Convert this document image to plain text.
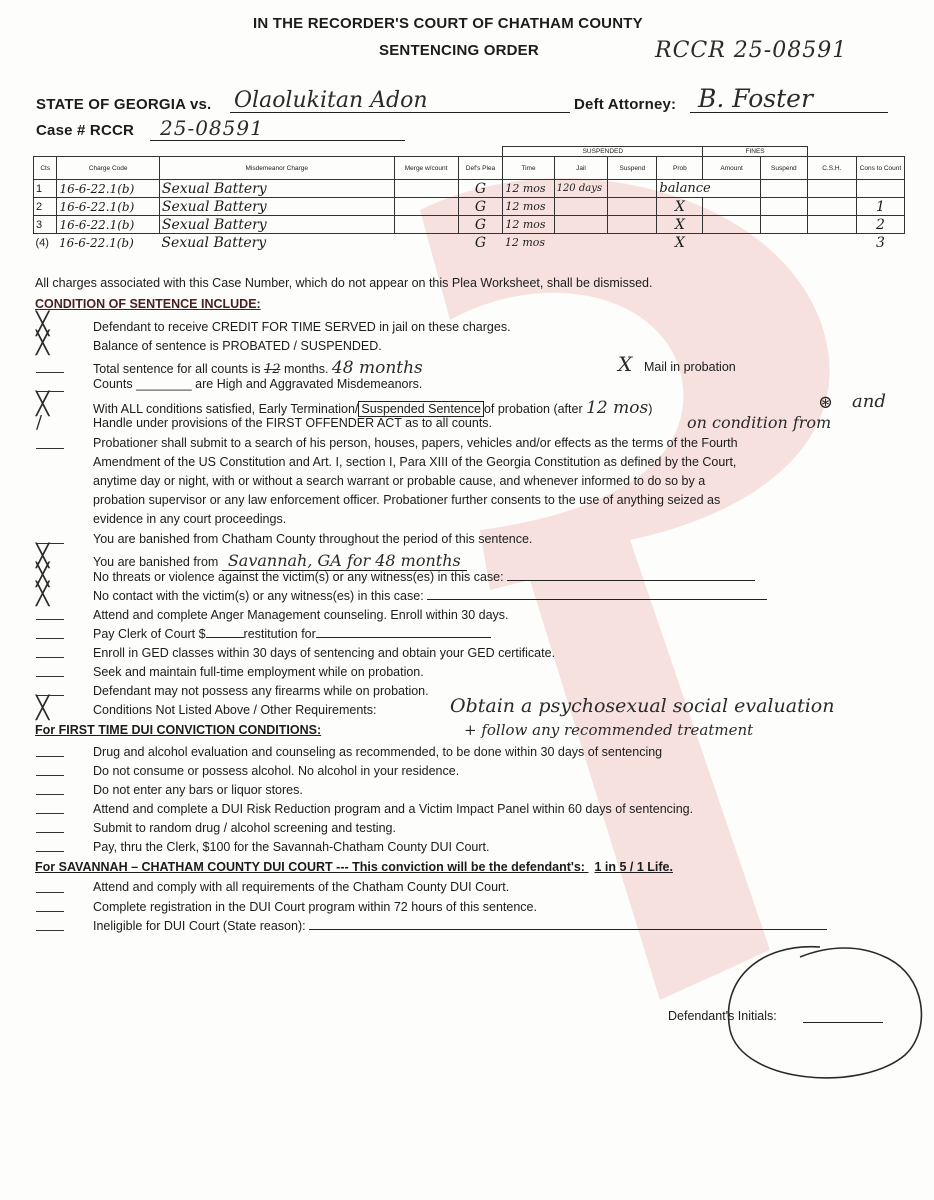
IN THE RECORDER'S COURT OF CHATHAM COUNTY
SENTENCING ORDER	RCCR 25-08591
STATE OF GEORGIA vs. Olaolukitan Adon	Deft Attorney: B. Foster
Case # RCCR	25-08591
					SUSPENDED				FINES			
Cts	Charge Code	Misdemeanor Charge	Merge w/count	Def's Plea	Time	Jail	Suspend	Prob	Amount	Suspend	C.S.H.	Cons to Count
1	16-6-22.1(b)	Sexual Battery		G	12 mos	120 days		balance				
2	16-6-22.1(b)	Sexual Battery		G	12 mos			X				1
3	16-6-22.1(b)	Sexual Battery		G	12 mos			X				2
(4)	16-6-22.1(b)	Sexual Battery		G	12 mos			X				3
All charges associated with this Case Number, which do not appear on this Plea Worksheet, shall be dismissed.
CONDITION OF SENTENCE INCLUDE:
╳
╳
╳
/
╳
╳
╳
╳
Defendant to receive CREDIT FOR TIME SERVED in jail on these charges.
Balance of sentence is PROBATED / SUSPENDED.
Total sentence for all counts is 12 months. 48 months	X Mail in probation
Counts ________ are High and Aggravated Misdemeanors.
With ALL conditions satisfied, Early Termination/ Suspended Sentence of probation (after 12 mos)	⊛ and
Handle under provisions of the FIRST OFFENDER ACT as to all counts.	on condition from
Probationer shall submit to a search of his person, houses, papers, vehicles and/or effects as the terms of the Fourth
Amendment of the US Constitution and Art. I, section I, Para XIII of the Georgia Constitution as defined by the Court,
anytime day or night, with or without a search warrant or probable cause, and whenever informed to do so by a
probation supervisor or any law enforcement officer. Probationer further consents to the use of anything seized as
evidence in any court proceedings.
You are banished from Chatham County throughout the period of this sentence.
You are banished from Savannah, GA for 48 months
No threats or violence against the victim(s) or any witness(es) in this case:
No contact with the victim(s) or any witness(es) in this case:
Attend and complete Anger Management counseling. Enroll within 30 days.
Pay Clerk of Court $	restitution for
Enroll in GED classes within 30 days of sentencing and obtain your GED certificate.
Seek and maintain full-time employment while on probation.
Defendant may not possess any firearms while on probation.
Conditions Not Listed Above / Other Requirements:	Obtain a psychosexual social evaluation
+ follow any recommended treatment
For FIRST TIME DUI CONVICTION CONDITIONS:
Drug and alcohol evaluation and counseling as recommended, to be done within 30 days of sentencing
Do not consume or possess alcohol. No alcohol in your residence.
Do not enter any bars or liquor stores.
Attend and complete a DUI Risk Reduction program and a Victim Impact Panel within 60 days of sentencing.
Submit to random drug / alcohol screening and testing.
Pay, thru the Clerk, $100 for the Savannah-Chatham County DUI Court.
For SAVANNAH – CHATHAM COUNTY DUI COURT --- This conviction will be the defendant's: 1 in 5 / 1 Life.
Attend and comply with all requirements of the Chatham County DUI Court.
Complete registration in the DUI Court program within 72 hours of this sentence.
Ineligible for DUI Court (State reason):
Defendant's Initials:
